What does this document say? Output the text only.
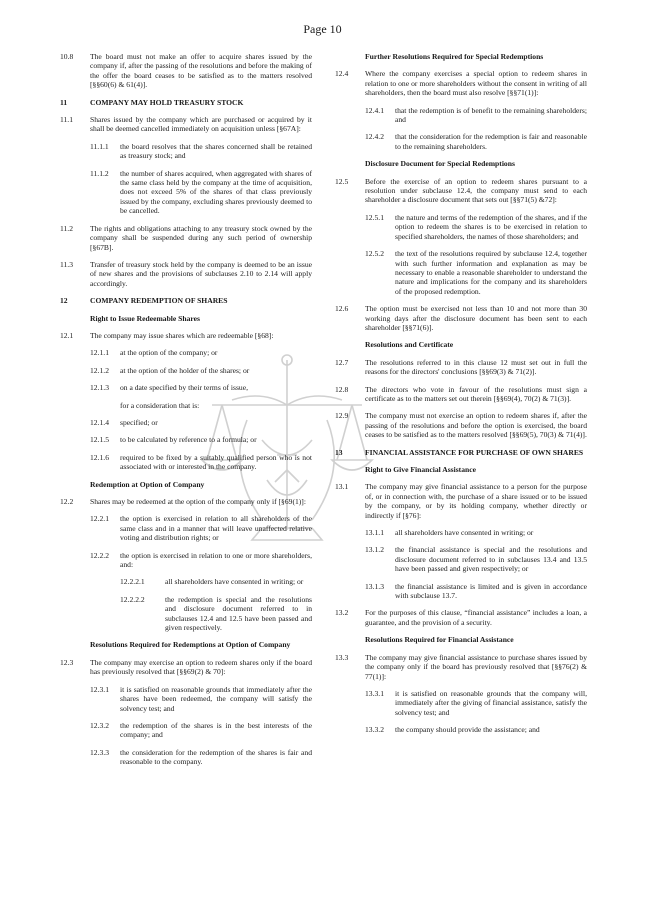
Page 10
10.8 The board must not make an offer to acquire shares issued by the company if, after the passing of the resolutions and before the making of the offer the board ceases to be satisfied as to the matters resolved [§§60(6) & 61(4)].
11	COMPANY MAY HOLD TREASURY STOCK
11.1 Shares issued by the company which are purchased or acquired by it shall be deemed cancelled immediately on acquisition unless [§67A]:
11.1.1 the board resolves that the shares concerned shall be retained as treasury stock; and
11.1.2 the number of shares acquired, when aggregated with shares of the same class held by the company at the time of acquisition, does not exceed 5% of the shares of that class previously issued by the company, excluding shares previously deemed to be cancelled.
11.2 The rights and obligations attaching to any treasury stock owned by the company shall be suspended during any such period of ownership [§67B].
11.3 Transfer of treasury stock held by the company is deemed to be an issue of new shares and the provisions of subclauses 2.10 to 2.14 will apply accordingly.
12	COMPANY REDEMPTION OF SHARES
Right to Issue Redeemable Shares
12.1 The company may issue shares which are redeemable [§68]:
12.1.1 at the option of the company; or
12.1.2 at the option of the holder of the shares; or
12.1.3 on a date specified by their terms of issue,
for a consideration that is:
12.1.4 specified; or
12.1.5 to be calculated by reference to a formula; or
12.1.6 required to be fixed by a suitably qualified person who is not associated with or interested in the company.
Redemption at Option of Company
12.2 Shares may be redeemed at the option of the company only if [§69(1)]:
12.2.1 the option is exercised in relation to all shareholders of the same class and in a manner that will leave unaffected relative voting and distribution rights; or
12.2.2 the option is exercised in relation to one or more shareholders, and:
12.2.2.1	all shareholders have consented in writing; or
12.2.2.2	the redemption is special and the resolutions and disclosure document referred to in subclauses 12.4 and 12.5 have been passed and given respectively.
Resolutions Required for Redemptions at Option of Company
12.3 The company may exercise an option to redeem shares only if the board has previously resolved that [§§69(2) & 70]:
12.3.1 it is satisfied on reasonable grounds that immediately after the shares have been redeemed, the company will satisfy the solvency test; and
12.3.2 the redemption of the shares is in the best interests of the company; and
12.3.3 the consideration for the redemption of the shares is fair and reasonable to the company.
Further Resolutions Required for Special Redemptions
12.4 Where the company exercises a special option to redeem shares in relation to one or more shareholders without the consent in writing of all shareholders, then the board must also resolve [§§71(1)]:
12.4.1 that the redemption is of benefit to the remaining shareholders; and
12.4.2 that the consideration for the redemption is fair and reasonable to the remaining shareholders.
Disclosure Document for Special Redemptions
12.5 Before the exercise of an option to redeem shares pursuant to a resolution under subclause 12.4, the company must send to each shareholder a disclosure document that sets out [§§71(5) &72]:
12.5.1 the nature and terms of the redemption of the shares, and if the option to redeem the shares is to be exercised in relation to specified shareholders, the names of those shareholders; and
12.5.2 the text of the resolutions required by subclause 12.4, together with such further information and explanation as may be necessary to enable a reasonable shareholder to understand the nature and implications for the company and its shareholders of the proposed redemption.
12.6 The option must be exercised not less than 10 and not more than 30 working days after the disclosure document has been sent to each shareholder [§§71(6)].
Resolutions and Certificate
12.7 The resolutions referred to in this clause 12 must set out in full the reasons for the directors' conclusions [§§69(3) & 71(2)].
12.8 The directors who vote in favour of the resolutions must sign a certificate as to the matters set out therein [§§69(4), 70(2) & 71(3)].
12.9 The company must not exercise an option to redeem shares if, after the passing of the resolutions and before the option is exercised, the board ceases to be satisfied as to the matters resolved [§§69(5), 70(3) & 71(4)].
13	FINANCIAL ASSISTANCE FOR PURCHASE OF OWN SHARES
Right to Give Financial Assistance
13.1 The company may give financial assistance to a person for the purpose of, or in connection with, the purchase of a share issued or to be issued by the company, or by its holding company, whether directly or indirectly if [§76]:
13.1.1 all shareholders have consented in writing; or
13.1.2 the financial assistance is special and the resolutions and disclosure document referred to in subclauses 13.4 and 13.5 have been passed and given respectively; or
13.1.3 the financial assistance is limited and is given in accordance with subclause 13.7.
13.2 For the purposes of this clause, “financial assistance” includes a loan, a guarantee, and the provision of a security.
Resolutions Required for Financial Assistance
13.3 The company may give financial assistance to purchase shares issued by the company only if the board has previously resolved that [§§76(2) & 77(1)]:
13.3.1 it is satisfied on reasonable grounds that the company will, immediately after the giving of financial assistance, satisfy the solvency test; and
13.3.2 the company should provide the assistance; and
